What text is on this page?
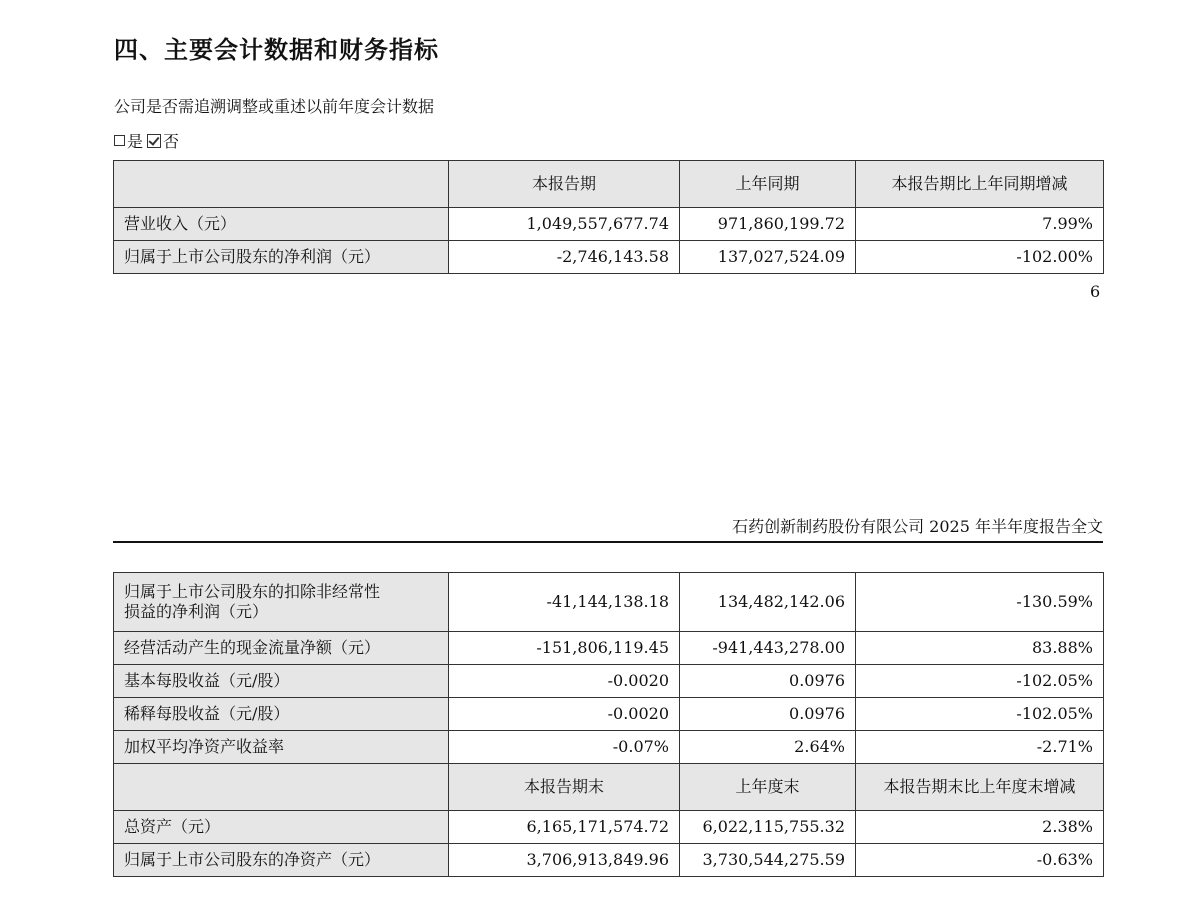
四、主要会计数据和财务指标
公司是否需追溯调整或重述以前年度会计数据
是 否
	本报告期	上年同期	本报告期比上年同期增减
营业收入（元）	1,049,557,677.74	971,860,199.72	7.99%
归属于上市公司股东的净利润（元）	-2,746,143.58	137,027,524.09	-102.00%
6
石药创新制药股份有限公司 2025 年半年度报告全文
归属于上市公司股东的扣除非经常性
损益的净利润（元）	-41,144,138.18	134,482,142.06	-130.59%
经营活动产生的现金流量净额（元）	-151,806,119.45	-941,443,278.00	83.88%
基本每股收益（元/股）	-0.0020	0.0976	-102.05%
稀释每股收益（元/股）	-0.0020	0.0976	-102.05%
加权平均净资产收益率	-0.07%	2.64%	-2.71%
	本报告期末	上年度末	本报告期末比上年度末增减
总资产（元）	6,165,171,574.72	6,022,115,755.32	2.38%
归属于上市公司股东的净资产（元）	3,706,913,849.96	3,730,544,275.59	-0.63%
